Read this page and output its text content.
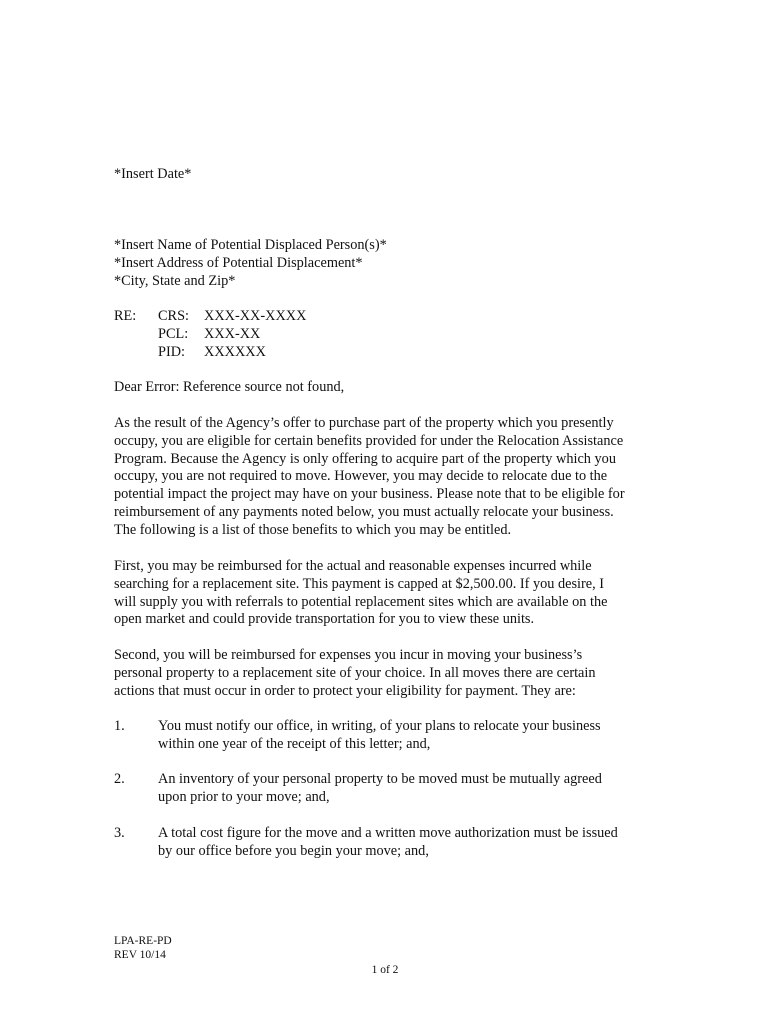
*Insert Date*

*Insert Name of Potential Displaced Person(s)*
*Insert Address of Potential Displacement*
*City, State and Zip*
RE:	CRS:	XXX-XX-XXXX
PCL:	XXX-XX
PID:	XXXXXX

Dear Error: Reference source not found,

As the result of the Agency’s offer to purchase part of the property which you presently
occupy, you are eligible for certain benefits provided for under the Relocation Assistance
Program. Because the Agency is only offering to acquire part of the property which you
occupy, you are not required to move. However, you may decide to relocate due to the
potential impact the project may have on your business. Please note that to be eligible for
reimbursement of any payments noted below, you must actually relocate your business.
The following is a list of those benefits to which you may be entitled.
First, you may be reimbursed for the actual and reasonable expenses incurred while
searching for a replacement site. This payment is capped at $2,500.00. If you desire, I
will supply you with referrals to potential replacement sites which are available on the
open market and could provide transportation for you to view these units.
Second, you will be reimbursed for expenses you incur in moving your business’s
personal property to a replacement site of your choice. In all moves there are certain
actions that must occur in order to protect your eligibility for payment. They are:
1.	You must notify our office, in writing, of your plans to relocate your business
within one year of the receipt of this letter; and,
2.	An inventory of your personal property to be moved must be mutually agreed
upon prior to your move; and,
3.	A total cost figure for the move and a written move authorization must be issued
by our office before you begin your move; and,
LPA-RE-PD
REV 10/14
1 of 2
